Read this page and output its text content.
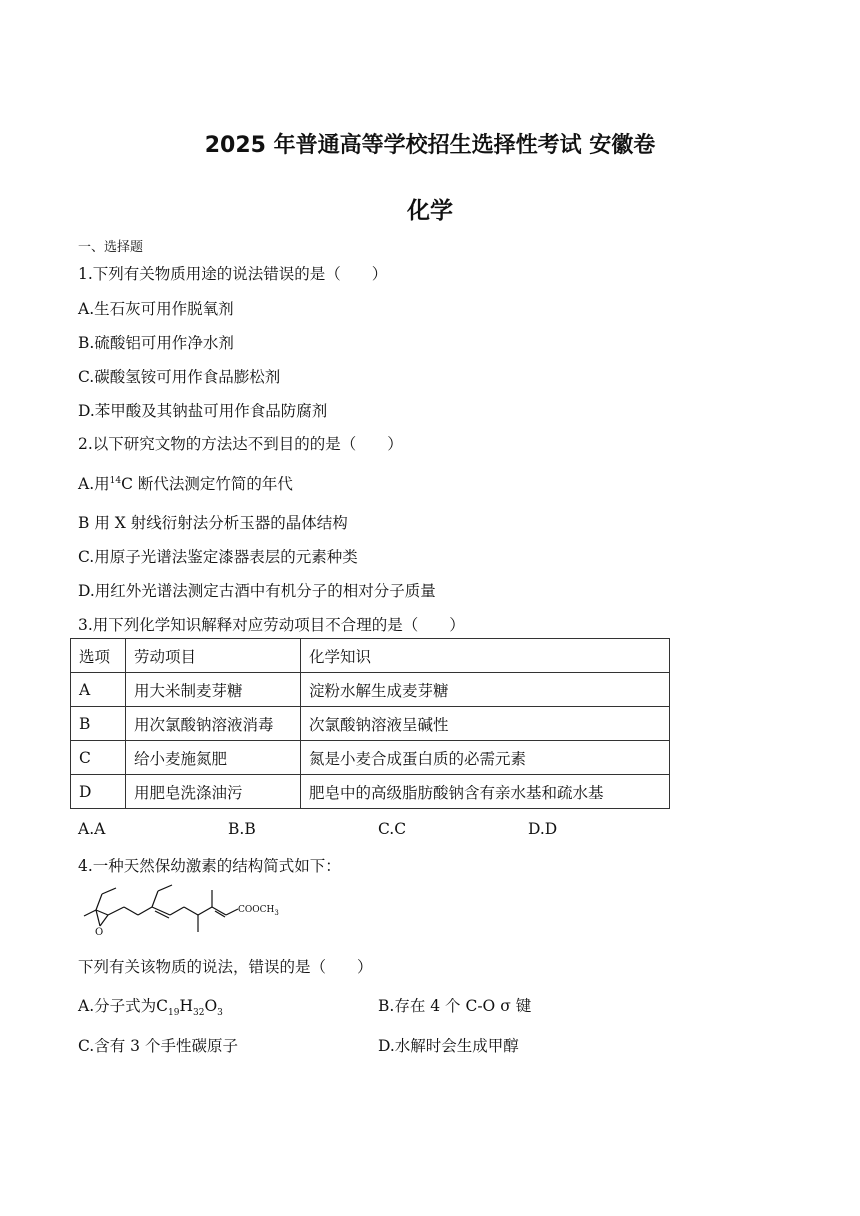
2025 年普通高等学校招生选择性考试 安徽卷
化学
一、选择题
1.下列有关物质用途的说法错误的是（　　）
A.生石灰可用作脱氧剂
B.硫酸铝可用作净水剂
C.碳酸氢铵可用作食品膨松剂
D.苯甲酸及其钠盐可用作食品防腐剂
2.以下研究文物的方法达不到目的的是（　　）
A.用$^{14}$C 断代法测定竹简的年代
B 用 X 射线衍射法分析玉器的晶体结构
C.用原子光谱法鉴定漆器表层的元素种类
D.用红外光谱法测定古酒中有机分子的相对分子质量
3.用下列化学知识解释对应劳动项目不合理的是（　　）
选项	劳动项目	化学知识
A	用大米制麦芽糖	淀粉水解生成麦芽糖
B	用次氯酸钠溶液消毒	次氯酸钠溶液呈碱性
C	给小麦施氮肥	氮是小麦合成蛋白质的必需元素
D	用肥皂洗涤油污	肥皂中的高级脂肪酸钠含有亲水基和疏水基
A.A	B.B	C.C	D.D
4.一种天然保幼激素的结构简式如下：
O
$COOCH_3$
下列有关该物质的说法，错误的是（　　）
A.分子式为$C_{19}H_{32}O_3$	B.存在 4 个 C-O σ 键
C.含有 3 个手性碳原子	D.水解时会生成甲醇
